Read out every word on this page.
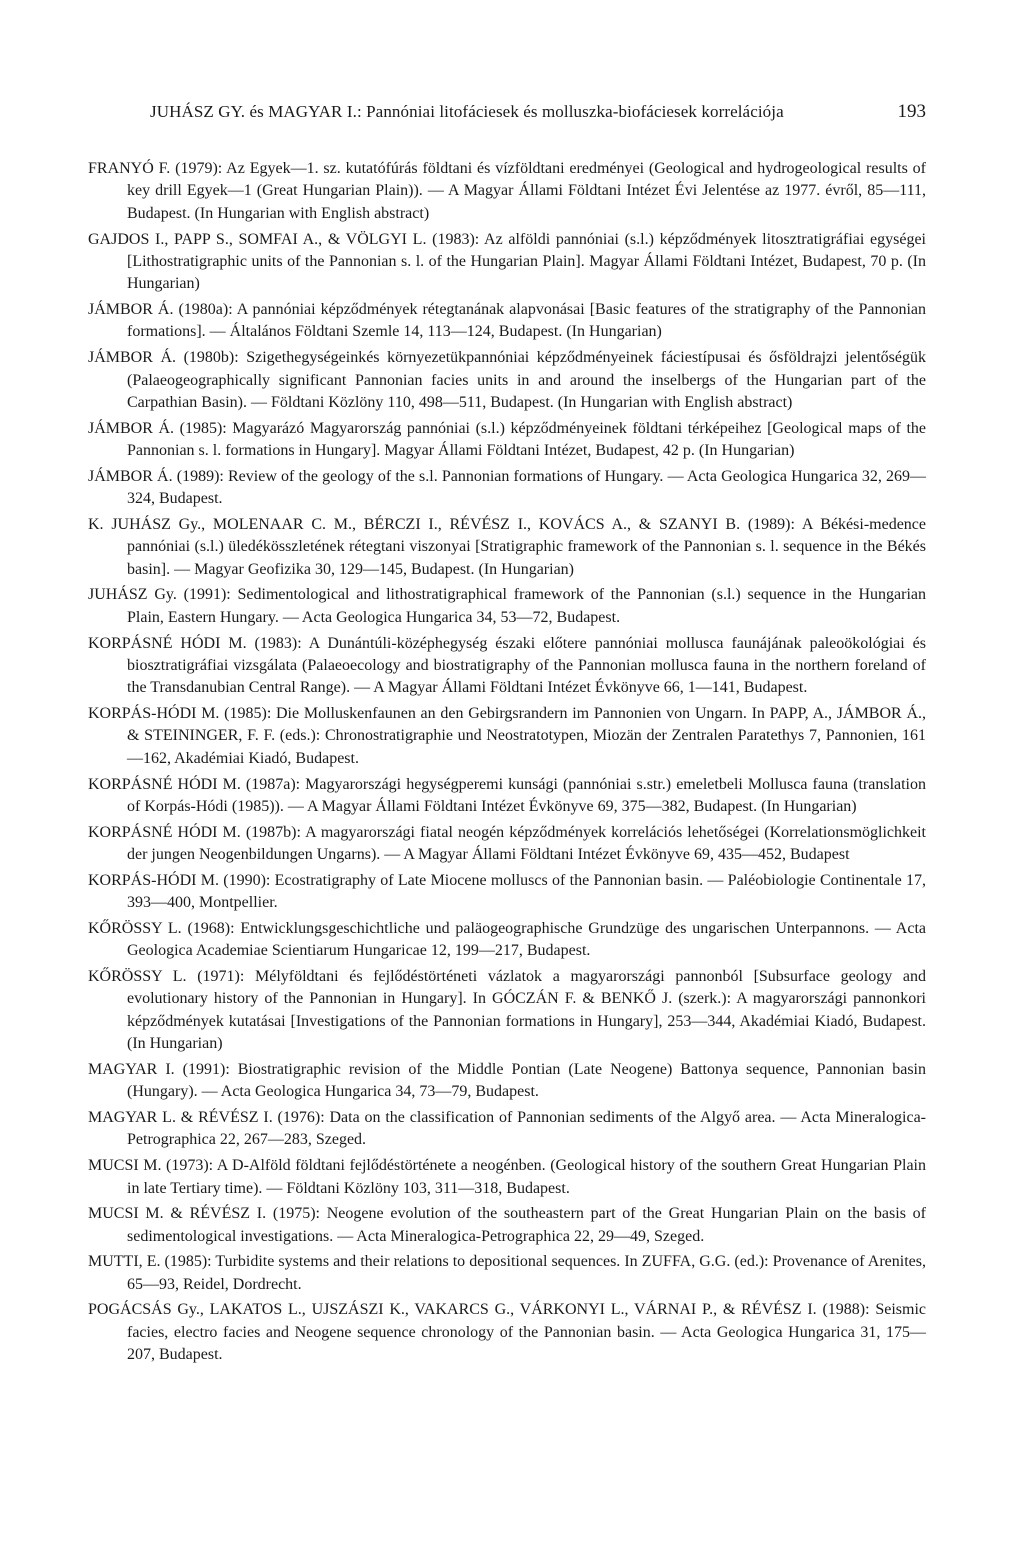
JUHÁSZ GY. és MAGYAR I.: Pannóniai litofáciesek és molluszka-biofáciesek korrelációja	193
FRANYÓ F. (1979): Az Egyek—1. sz. kutatófúrás földtani és vízföldtani eredményei (Geological and hydrogeological results of key drill Egyek—1 (Great Hungarian Plain)). — A Magyar Állami Földtani Intézet Évi Jelentése az 1977. évről, 85—111, Budapest. (In Hungarian with English abstract)
GAJDOS I., PAPP S., SOMFAI A., & VÖLGYI L. (1983): Az alföldi pannóniai (s.l.) képződmények litosztratigráfiai egységei [Lithostratigraphic units of the Pannonian s. l. of the Hungarian Plain]. Magyar Állami Földtani Intézet, Budapest, 70 p. (In Hungarian)
JÁMBOR Á. (1980a): A pannóniai képződmények rétegtanának alapvonásai [Basic features of the stratigraphy of the Pannonian formations]. — Általános Földtani Szemle 14, 113—124, Budapest. (In Hungarian)
JÁMBOR Á. (1980b): Szigethegységeinkés környezetükpannóniai képződményeinek fáciestípusai és ősföldrajzi jelentőségük (Palaeogeographically significant Pannonian facies units in and around the inselbergs of the Hungarian part of the Carpathian Basin). — Földtani Közlöny 110, 498—511, Budapest. (In Hungarian with English abstract)
JÁMBOR Á. (1985): Magyarázó Magyarország pannóniai (s.l.) képződményeinek földtani térképeihez [Geological maps of the Pannonian s. l. formations in Hungary]. Magyar Állami Földtani Intézet, Budapest, 42 p. (In Hungarian)
JÁMBOR Á. (1989): Review of the geology of the s.l. Pannonian formations of Hungary. — Acta Geologica Hungarica 32, 269—324, Budapest.
K. JUHÁSZ Gy., MOLENAAR C. M., BÉRCZI I., RÉVÉSZ I., KOVÁCS A., & SZANYI B. (1989): A Békési-medence pannóniai (s.l.) üledékösszletének rétegtani viszonyai [Stratigraphic framework of the Pannonian s. l. sequence in the Békés basin]. — Magyar Geofizika 30, 129—145, Budapest. (In Hungarian)
JUHÁSZ Gy. (1991): Sedimentological and lithostratigraphical framework of the Pannonian (s.l.) sequence in the Hungarian Plain, Eastern Hungary. — Acta Geologica Hungarica 34, 53—72, Budapest.
KORPÁSNÉ HÓDI M. (1983): A Dunántúli-középhegység északi előtere pannóniai mollusca faunájának paleoökológiai és biosztratigráfiai vizsgálata (Palaeoecology and biostratigraphy of the Pannonian mollusca fauna in the northern foreland of the Transdanubian Central Range). — A Magyar Állami Földtani Intézet Évkönyve 66, 1—141, Budapest.
KORPÁS-HÓDI M. (1985): Die Molluskenfaunen an den Gebirgsrandern im Pannonien von Ungarn. In PAPP, A., JÁMBOR Á., & STEININGER, F. F. (eds.): Chronostratigraphie und Neostratotypen, Miozän der Zentralen Paratethys 7, Pannonien, 161—162, Akadémiai Kiadó, Budapest.
KORPÁSNÉ HÓDI M. (1987a): Magyarországi hegységperemi kunsági (pannóniai s.str.) emeletbeli Mollusca fauna (translation of Korpás-Hódi (1985)). — A Magyar Állami Földtani Intézet Évkönyve 69, 375—382, Budapest. (In Hungarian)
KORPÁSNÉ HÓDI M. (1987b): A magyarországi fiatal neogén képződmények korrelációs lehetőségei (Korrelationsmöglichkeit der jungen Neogenbildungen Ungarns). — A Magyar Állami Földtani Intézet Évkönyve 69, 435—452, Budapest
KORPÁS-HÓDI M. (1990): Ecostratigraphy of Late Miocene molluscs of the Pannonian basin. — Paléobiologie Continentale 17, 393—400, Montpellier.
KŐRÖSSY L. (1968): Entwicklungsgeschichtliche und paläogeographische Grundzüge des ungarischen Unterpannons. — Acta Geologica Academiae Scientiarum Hungaricae 12, 199—217, Budapest.
KŐRÖSSY L. (1971): Mélyföldtani és fejlődéstörténeti vázlatok a magyarországi pannonból [Subsurface geology and evolutionary history of the Pannonian in Hungary]. In GÓCZÁN F. & BENKŐ J. (szerk.): A magyarországi pannonkori képződmények kutatásai [Investigations of the Pannonian formations in Hungary], 253—344, Akadémiai Kiadó, Budapest. (In Hungarian)
MAGYAR I. (1991): Biostratigraphic revision of the Middle Pontian (Late Neogene) Battonya sequence, Pannonian basin (Hungary). — Acta Geologica Hungarica 34, 73—79, Budapest.
MAGYAR L. & RÉVÉSZ I. (1976): Data on the classification of Pannonian sediments of the Algyő area. — Acta Mineralogica-Petrographica 22, 267—283, Szeged.
MUCSI M. (1973): A D-Alföld földtani fejlődéstörténete a neogénben. (Geological history of the southern Great Hungarian Plain in late Tertiary time). — Földtani Közlöny 103, 311—318, Budapest.
MUCSI M. & RÉVÉSZ I. (1975): Neogene evolution of the southeastern part of the Great Hungarian Plain on the basis of sedimentological investigations. — Acta Mineralogica-Petrographica 22, 29—49, Szeged.
MUTTI, E. (1985): Turbidite systems and their relations to depositional sequences. In ZUFFA, G.G. (ed.): Provenance of Arenites, 65—93, Reidel, Dordrecht.
POGÁCSÁS Gy., LAKATOS L., UJSZÁSZI K., VAKARCS G., VÁRKONYI L., VÁRNAI P., & RÉVÉSZ I. (1988): Seismic facies, electro facies and Neogene sequence chronology of the Pannonian basin. — Acta Geologica Hungarica 31, 175—207, Budapest.
